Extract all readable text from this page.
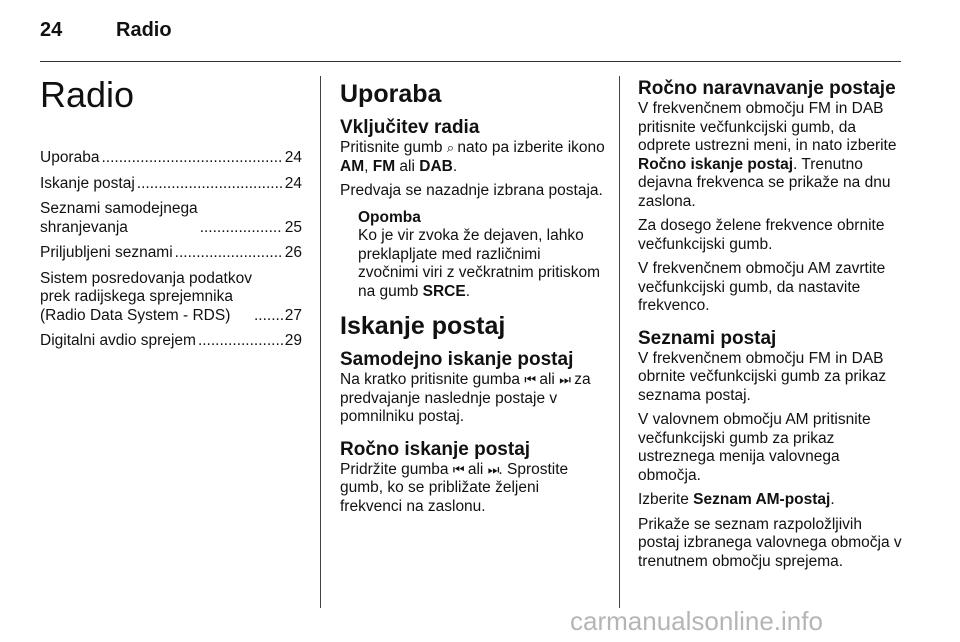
24	Radio
Radio
Uporaba .....	24
Iskanje postaj .....	24
Seznami samodejnega
shranjevanja .....	25
Priljubljeni seznami .....	26
Sistem posredovanja podatkov
prek radijskega sprejemnika
(Radio Data System - RDS) .....	27
Digitalni avdio sprejem .....	29
Uporaba
Vključitev radia

Pritisnite gumb ⌕ nato pa izberite ikono AM, FM ali DAB.

Predvaja se nazadnje izbrana postaja.

Opomba
Ko je vir zvoka že dejaven, lahko preklapljate med različnimi zvočnimi viri z večkratnim pritiskom na gumb SRCE.
Iskanje postaj
Samodejno iskanje postaj

Na kratko pritisnite gumba ⏮ ali ⏭ za predvajanje naslednje postaje v pomnilniku postaj.

Ročno iskanje postaj

Pridržite gumba ⏮ ali ⏭. Sprostite gumb, ko se približate željeni frekvenci na zaslonu.

Ročno naravnavanje postaje

V frekvenčnem območju FM in DAB pritisnite večfunkcijski gumb, da odprete ustrezni meni, in nato izberite Ročno iskanje postaj. Trenutno dejavna frekvenca se prikaže na dnu zaslona.

Za dosego želene frekvence obrnite večfunkcijski gumb.

V frekvenčnem območju AM zavrtite večfunkcijski gumb, da nastavite frekvenco.

Seznami postaj

V frekvenčnem območju FM in DAB obrnite večfunkcijski gumb za prikaz seznama postaj.

V valovnem območju AM pritisnite večfunkcijski gumb za prikaz ustreznega menija valovnega območja.

Izberite Seznam AM-postaj.

Prikaže se seznam razpoložljivih postaj izbranega valovnega območja v trenutnem območju sprejema.

carmanualsonline.info
